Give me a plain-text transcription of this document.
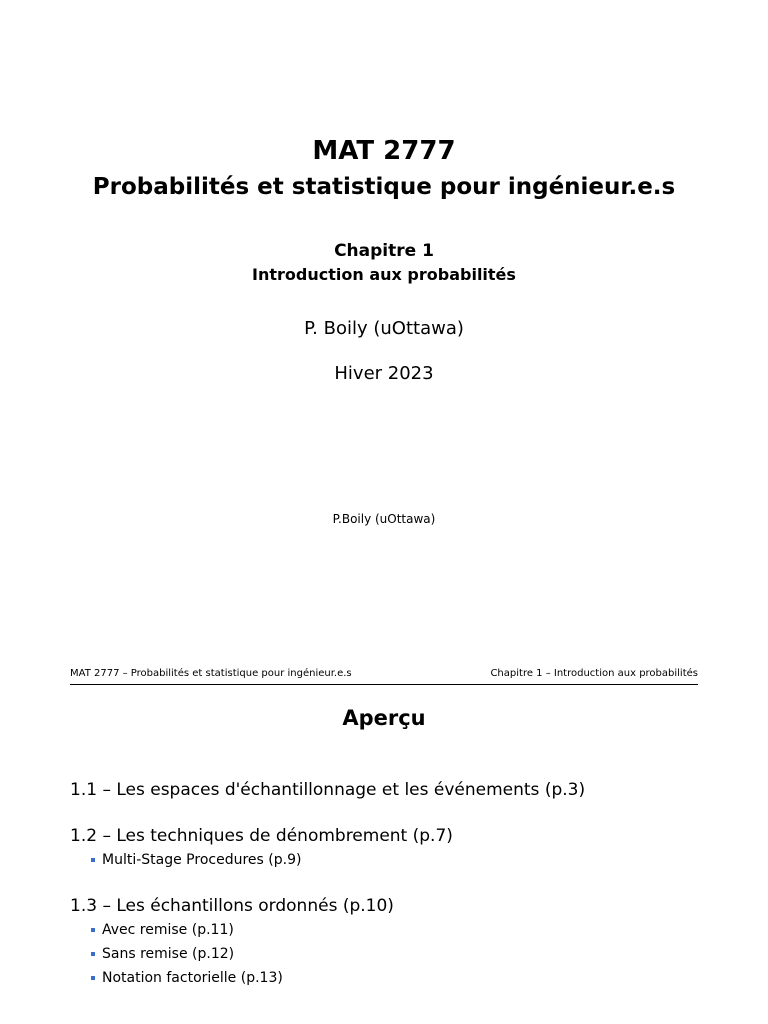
MAT 2777
Probabilités et statistique pour ingénieur.e.s
Chapitre 1
Introduction aux probabilités
P. Boily (uOttawa)
Hiver 2023
P.Boily (uOttawa)
MAT 2777 – Probabilités et statistique pour ingénieur.e.s	Chapitre 1 – Introduction aux probabilités
Aperçu
1.1 – Les espaces d'échantillonnage et les événements (p.3)
1.2 – Les techniques de dénombrement (p.7)
Multi-Stage Procedures (p.9)
1.3 – Les échantillons ordonnés (p.10)
Avec remise (p.11)
Sans remise (p.12)
Notation factorielle (p.13)
